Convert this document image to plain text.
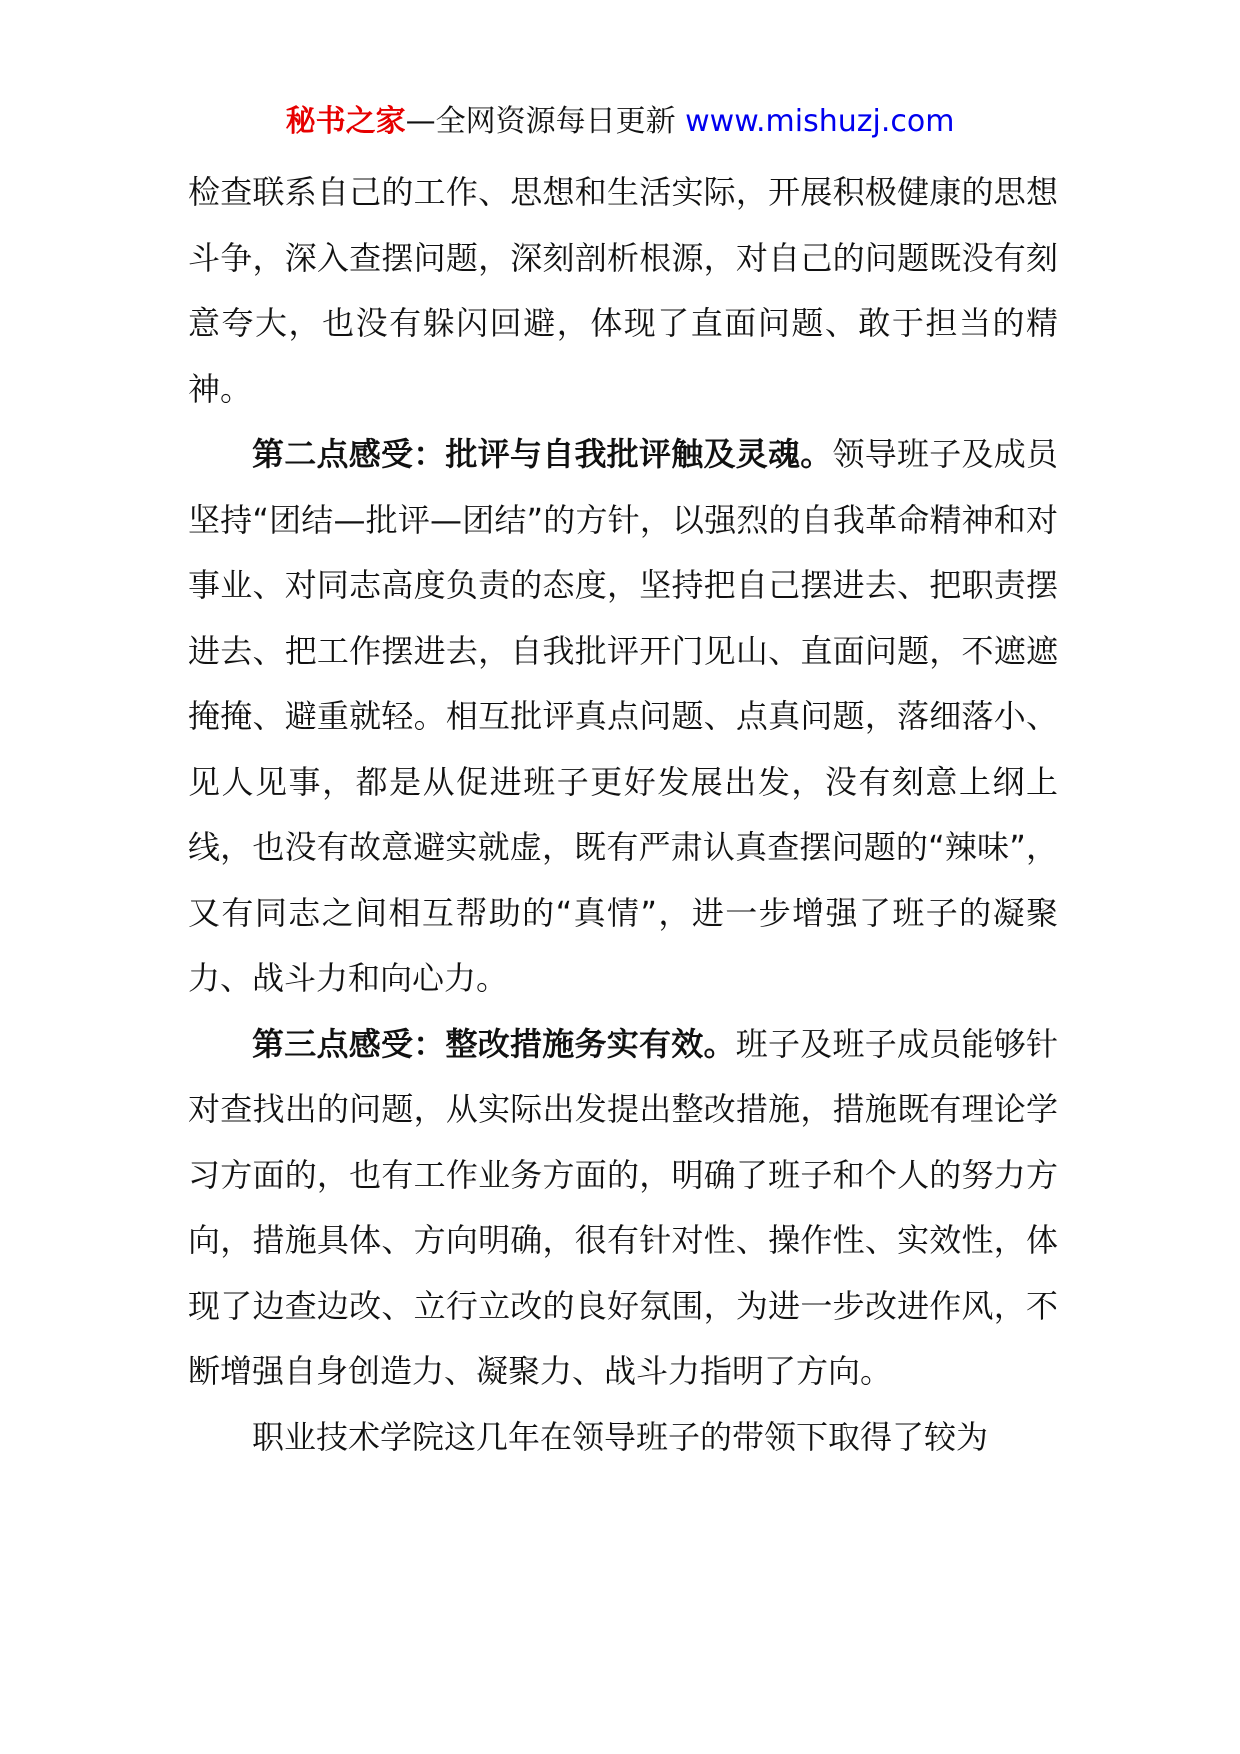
秘书之家—全网资源每日更新 www.mishuzj.com

检查联系自己的工作、思想和生活实际，开展积极健康的思想斗争，深入查摆问题，深刻剖析根源，对自己的问题既没有刻意夸大，也没有躲闪回避，体现了直面问题、敢于担当的精神。

第二点感受：批评与自我批评触及灵魂。领导班子及成员坚持“团结—批评—团结”的方针，以强烈的自我革命精神和对事业、对同志高度负责的态度，坚持把自己摆进去、把职责摆进去、把工作摆进去，自我批评开门见山、直面问题，不遮遮掩掩、避重就轻。相互批评真点问题、点真问题，落细落小、见人见事，都是从促进班子更好发展出发，没有刻意上纲上线，也没有故意避实就虚，既有严肃认真查摆问题的“辣味”，又有同志之间相互帮助的“真情”，进一步增强了班子的凝聚力、战斗力和向心力。

第三点感受：整改措施务实有效。班子及班子成员能够针对查找出的问题，从实际出发提出整改措施，措施既有理论学习方面的，也有工作业务方面的，明确了班子和个人的努力方向，措施具体、方向明确，很有针对性、操作性、实效性，体现了边查边改、立行立改的良好氛围，为进一步改进作风，不断增强自身创造力、凝聚力、战斗力指明了方向。

职业技术学院这几年在领导班子的带领下取得了较为
